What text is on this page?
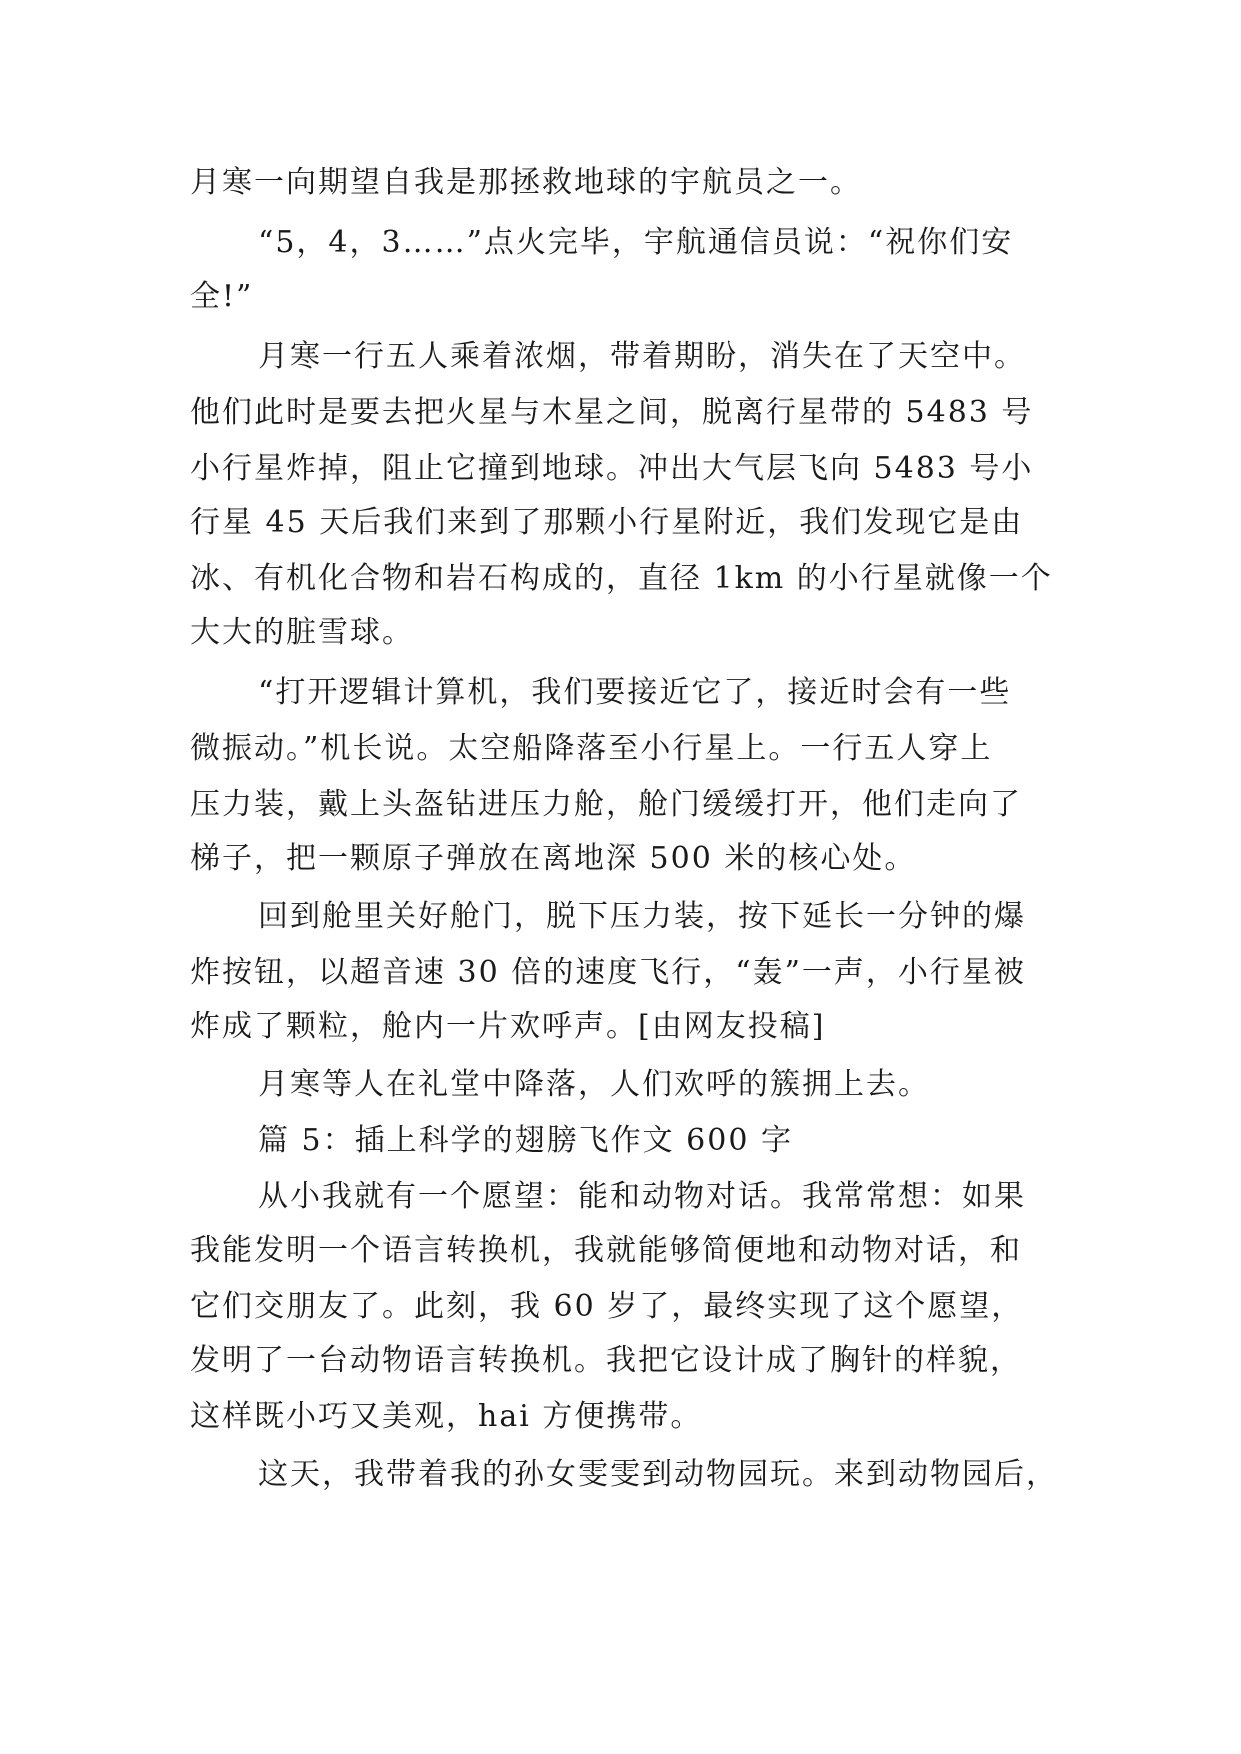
月寒一向期望自我是那拯救地球的宇航员之一。
“5，4，3……”点火完毕，宇航通信员说：“祝你们安
全!”
月寒一行五人乘着浓烟，带着期盼，消失在了天空中。
他们此时是要去把火星与木星之间，脱离行星带的 5483 号
小行星炸掉，阻止它撞到地球。冲出大气层飞向 5483 号小
行星 45 天后我们来到了那颗小行星附近，我们发现它是由
冰、有机化合物和岩石构成的，直径 1km 的小行星就像一个
大大的脏雪球。
“打开逻辑计算机，我们要接近它了，接近时会有一些
微振动。”机长说。太空船降落至小行星上。一行五人穿上
压力装，戴上头盔钻进压力舱，舱门缓缓打开，他们走向了
梯子，把一颗原子弹放在离地深 500 米的核心处。
回到舱里关好舱门，脱下压力装，按下延长一分钟的爆
炸按钮，以超音速 30 倍的速度飞行，“轰”一声，小行星被
炸成了颗粒，舱内一片欢呼声。[由网友投稿]
月寒等人在礼堂中降落，人们欢呼的簇拥上去。
篇 5：插上科学的翅膀飞作文 600 字
从小我就有一个愿望：能和动物对话。我常常想：如果
我能发明一个语言转换机，我就能够简便地和动物对话，和
它们交朋友了。此刻，我 60 岁了，最终实现了这个愿望，
发明了一台动物语言转换机。我把它设计成了胸针的样貌，
这样既小巧又美观，hai 方便携带。
这天，我带着我的孙女雯雯到动物园玩。来到动物园后，
